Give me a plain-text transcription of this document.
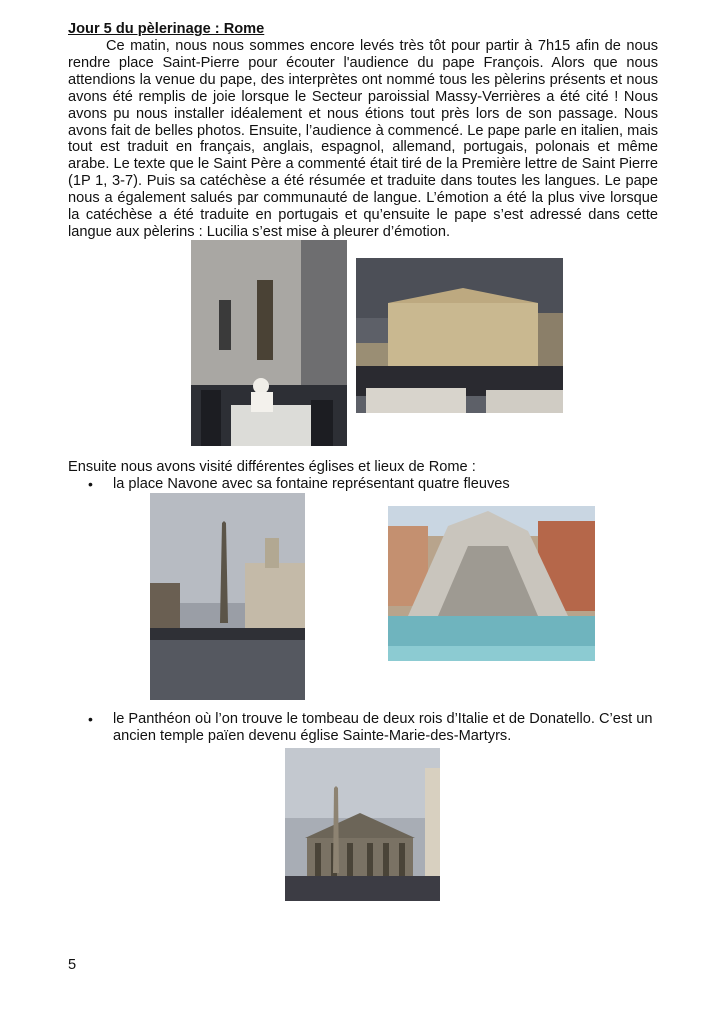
Jour 5 du pèlerinage : Rome

Ce matin, nous nous sommes encore levés très tôt pour partir à 7h15 afin de nous rendre place Saint-Pierre pour écouter l'audience du pape François. Alors que nous attendions la venue du pape, des interprètes ont nommé tous les pèlerins présents et nous avons été remplis de joie lorsque le Secteur paroissial Massy-Verrières a été cité ! Nous avons pu nous installer idéalement et nous étions tout près lors de son passage. Nous avons fait de belles photos. Ensuite, l’audience à commencé. Le pape parle en italien, mais tout est traduit en français, anglais, espagnol, allemand, portugais, polonais et même arabe. Le texte que le Saint Père a commenté était tiré de la Première lettre de Saint Pierre (1P 1, 3-7). Puis sa catéchèse a été résumée et traduite dans toutes les langues. Le pape nous a également salués par communauté de langue. L’émotion a été la plus vive lorsque la catéchèse a été traduite en portugais et qu’ensuite le pape s’est adressé dans cette langue aux pèlerins : Lucilia s’est mise à pleurer d’émotion.

Ensuite nous avons visité différentes églises et lieux de Rome :
• la place Navone avec sa fontaine représentant quatre fleuves
• le Panthéon où l’on trouve le tombeau de deux rois d’Italie et de Donatello. C’est un
ancien temple païen devenu église Sainte-Marie-des-Martyrs.
5
